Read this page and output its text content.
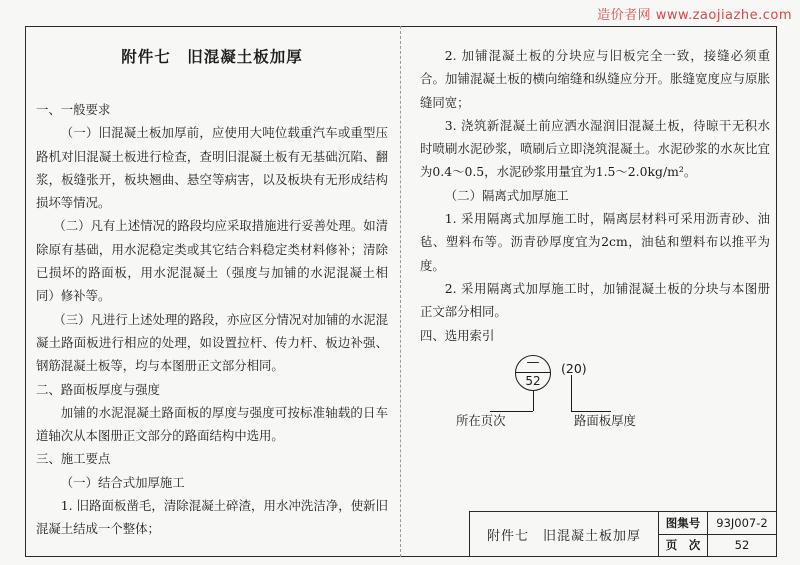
造价者网 www.zaojiazhe.com
附件七　旧混凝土板加厚

一、一般要求

（一）旧混凝土板加厚前，应使用大吨位载重汽车或重型压路机对旧混凝土板进行检查，查明旧混凝土板有无基础沉陷、翻浆，板缝张开，板块翘曲、悬空等病害，以及板块有无形成结构损坏等情况。

（二）凡有上述情况的路段均应采取措施进行妥善处理。如清除原有基础，用水泥稳定类或其它结合料稳定类材料修补；清除已损坏的路面板，用水泥混凝土（强度与加铺的水泥混凝土相同）修补等。

（三）凡进行上述处理的路段，亦应区分情况对加铺的水泥混凝土路面板进行相应的处理，如设置拉杆、传力杆、板边补强、钢筋混凝土板等，均与本图册正文部分相同。

二、路面板厚度与强度

加铺的水泥混凝土路面板的厚度与强度可按标准轴载的日车道轴次从本图册正文部分的路面结构中选用。

三、施工要点

（一）结合式加厚施工

1. 旧路面板凿毛，清除混凝土碎渣，用水冲洗洁净，使新旧混凝土结成一个整体；

2. 加铺混凝土板的分块应与旧板完全一致，接缝必须重合。加铺混凝土板的横向缩缝和纵缝应分开。胀缝宽度应与原胀缝同宽；

3. 浇筑新混凝土前应洒水湿润旧混凝土板，待晾干无积水时喷刷水泥砂浆，喷刷后立即浇筑混凝土。水泥砂浆的水灰比宜为0.4～0.5，水泥砂浆用量宜为1.5～2.0kg/m²。

（二）隔离式加厚施工

1. 采用隔离式加厚施工时，隔离层材料可采用沥青砂、油毡、塑料布等。沥青砂厚度宜为2cm，油毡和塑料布以推平为度。

2. 采用隔离式加厚施工时，加铺混凝土板的分块与本图册正文部分相同。

四、选用索引

—
52
(20)
所在页次	路面板厚度
附件七　旧混凝土板加厚	图集号	93J007-2
	页　次	52
